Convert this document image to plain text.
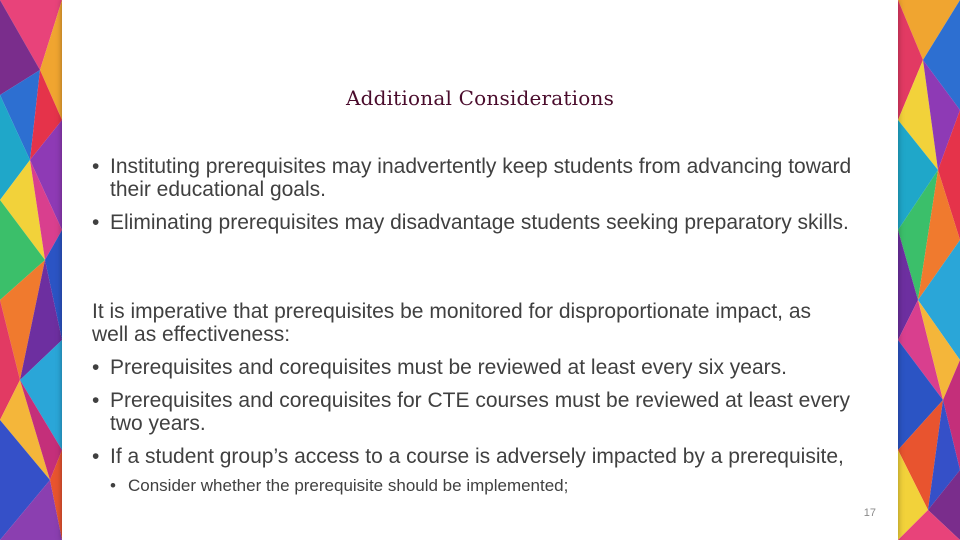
Additional Considerations
• Instituting prerequisites may inadvertently keep students from advancing toward their educational goals.
• Eliminating prerequisites may disadvantage students seeking preparatory skills.

It is imperative that prerequisites be monitored for disproportionate impact, as well as effectiveness:

• Prerequisites and corequisites must be reviewed at least every six years.
• Prerequisites and corequisites for CTE courses must be reviewed at least every two years.
• If a student group’s access to a course is adversely impacted by a prerequisite,
• Consider whether the prerequisite should be implemented;
17
